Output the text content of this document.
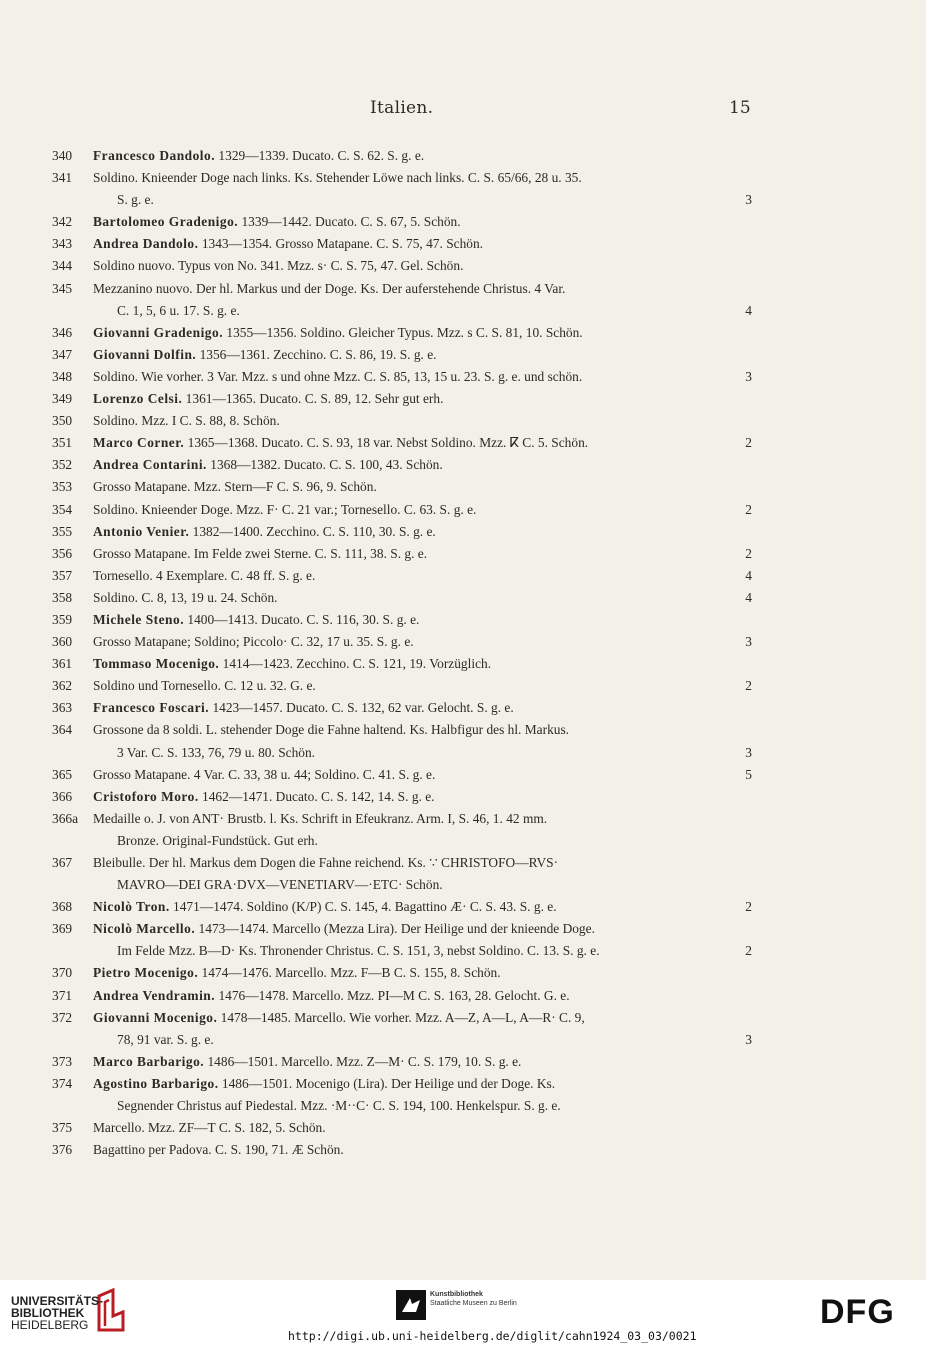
Italien.	15
340	Francesco Dandolo. 1329—1339. Ducato. C. S. 62. S. g. e.
341	Soldino. Knieender Doge nach links. Ks. Stehender Löwe nach links. C. S. 65/66, 28 u. 35.
S. g. e.	3
342	Bartolomeo Gradenigo. 1339—1442. Ducato. C. S. 67, 5. Schön.
343	Andrea Dandolo. 1343—1354. Grosso Matapane. C. S. 75, 47. Schön.
344	Soldino nuovo. Typus von No. 341. Mzz. s· C. S. 75, 47. Gel. Schön.
345	Mezzanino nuovo. Der hl. Markus und der Doge. Ks. Der auferstehende Christus. 4 Var.
C. 1, 5, 6 u. 17. S. g. e.	4
346	Giovanni Gradenigo. 1355—1356. Soldino. Gleicher Typus. Mzz. s C. S. 81, 10. Schön.
347	Giovanni Dolfin. 1356—1361. Zecchino. C. S. 86, 19. S. g. e.
348	Soldino. Wie vorher. 3 Var. Mzz. s und ohne Mzz. C. S. 85, 13, 15 u. 23. S. g. e. und schön.	3
349	Lorenzo Celsi. 1361—1365. Ducato. C. S. 89, 12. Sehr gut erh.
350	Soldino. Mzz. I C. S. 88, 8. Schön.
351	Marco Corner. 1365—1368. Ducato. C. S. 93, 18 var. Nebst Soldino. Mzz. ⴽ C. 5. Schön.	2
352	Andrea Contarini. 1368—1382. Ducato. C. S. 100, 43. Schön.
353	Grosso Matapane. Mzz. Stern—F C. S. 96, 9. Schön.
354	Soldino. Knieender Doge. Mzz. F· C. 21 var.; Tornesello. C. 63. S. g. e.	2
355	Antonio Venier. 1382—1400. Zecchino. C. S. 110, 30. S. g. e.
356	Grosso Matapane. Im Felde zwei Sterne. C. S. 111, 38. S. g. e.	2
357	Tornesello. 4 Exemplare. C. 48 ff. S. g. e.	4
358	Soldino. C. 8, 13, 19 u. 24. Schön.	4
359	Michele Steno. 1400—1413. Ducato. C. S. 116, 30. S. g. e.
360	Grosso Matapane; Soldino; Piccolo· C. 32, 17 u. 35. S. g. e.	3
361	Tommaso Mocenigo. 1414—1423. Zecchino. C. S. 121, 19. Vorzüglich.
362	Soldino und Tornesello. C. 12 u. 32. G. e.	2
363	Francesco Foscari. 1423—1457. Ducato. C. S. 132, 62 var. Gelocht. S. g. e.
364	Grossone da 8 soldi. L. stehender Doge die Fahne haltend. Ks. Halbfigur des hl. Markus.
3 Var. C. S. 133, 76, 79 u. 80. Schön.	3
365	Grosso Matapane. 4 Var. C. 33, 38 u. 44; Soldino. C. 41. S. g. e.	5
366	Cristoforo Moro. 1462—1471. Ducato. C. S. 142, 14. S. g. e.
366a	Medaille o. J. von ANT· Brustb. l. Ks. Schrift in Efeukranz. Arm. I, S. 46, 1. 42 mm.
Bronze. Original-Fundstück. Gut erh.
367	Bleibulle. Der hl. Markus dem Dogen die Fahne reichend. Ks. ∵ CHRISTOFO—RVS·
MAVRO—DEI GRA·DVX—VENETIARV—·ETC· Schön.
368	Nicolò Tron. 1471—1474. Soldino (K/P) C. S. 145, 4. Bagattino Æ· C. S. 43. S. g. e.	2
369	Nicolò Marcello. 1473—1474. Marcello (Mezza Lira). Der Heilige und der knieende Doge.
Im Felde Mzz. B—D· Ks. Thronender Christus. C. S. 151, 3, nebst Soldino. C. 13. S. g. e.	2
370	Pietro Mocenigo. 1474—1476. Marcello. Mzz. F—B C. S. 155, 8. Schön.
371	Andrea Vendramin. 1476—1478. Marcello. Mzz. PI—M C. S. 163, 28. Gelocht. G. e.
372	Giovanni Mocenigo. 1478—1485. Marcello. Wie vorher. Mzz. A—Z, A—L, A—R· C. 9,
78, 91 var. S. g. e.	3
373	Marco Barbarigo. 1486—1501. Marcello. Mzz. Z—M· C. S. 179, 10. S. g. e.
374	Agostino Barbarigo. 1486—1501. Mocenigo (Lira). Der Heilige und der Doge. Ks.
Segnender Christus auf Piedestal. Mzz. ·M··C· C. S. 194, 100. Henkelspur. S. g. e.
375	Marcello. Mzz. ZF—T C. S. 182, 5. Schön.
376	Bagattino per Padova. C. S. 190, 71. Æ Schön.
UNIVERSITÄTS-
BIBLIOTHEK
HEIDELBERG
Kunstbibliothek
Staatliche Museen zu Berlin	DFG
http://digi.ub.uni-heidelberg.de/diglit/cahn1924_03_03/0021
